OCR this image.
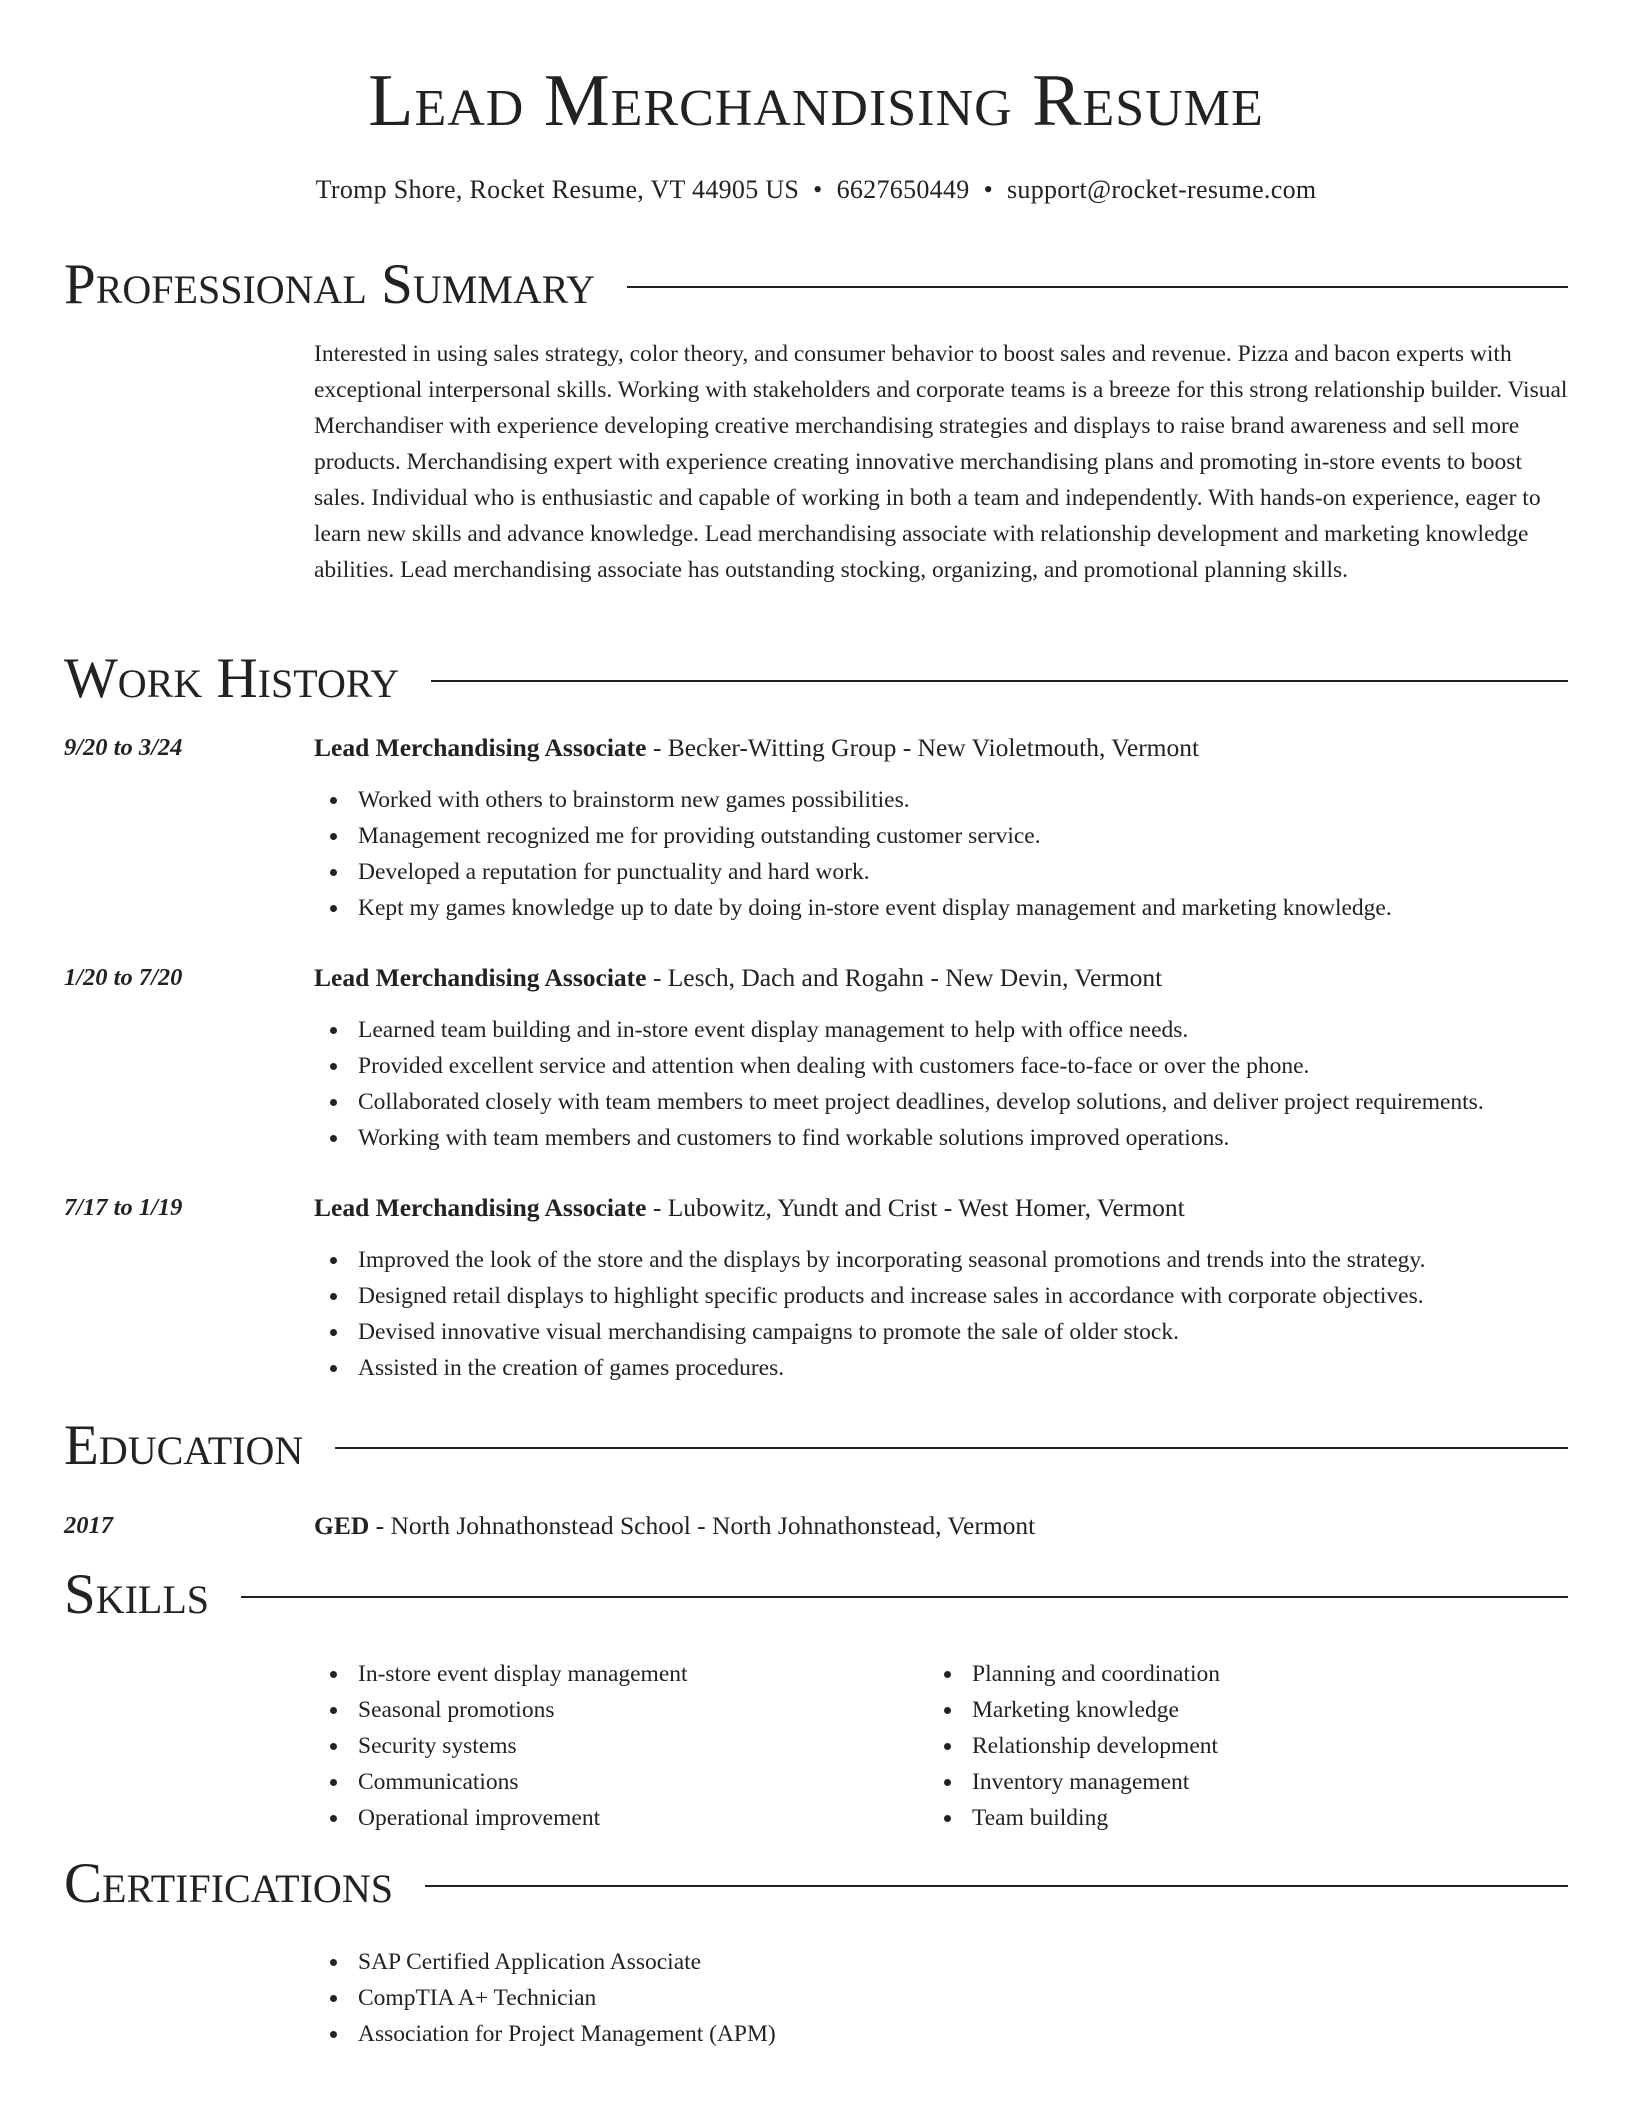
Lead Merchandising Resume
Tromp Shore, Rocket Resume, VT 44905 US • 6627650449 • support@rocket-resume.com
Professional Summary
Interested in using sales strategy, color theory, and consumer behavior to boost sales and revenue. Pizza and bacon experts with exceptional interpersonal skills. Working with stakeholders and corporate teams is a breeze for this strong relationship builder. Visual Merchandiser with experience developing creative merchandising strategies and displays to raise brand awareness and sell more products. Merchandising expert with experience creating innovative merchandising plans and promoting in-store events to boost sales. Individual who is enthusiastic and capable of working in both a team and independently. With hands-on experience, eager to learn new skills and advance knowledge. Lead merchandising associate with relationship development and marketing knowledge abilities. Lead merchandising associate has outstanding stocking, organizing, and promotional planning skills.
Work History
9/20 to 3/24	Lead Merchandising Associate - Becker-Witting Group - New Violetmouth, Vermont
Worked with others to brainstorm new games possibilities.
Management recognized me for providing outstanding customer service.
Developed a reputation for punctuality and hard work.
Kept my games knowledge up to date by doing in-store event display management and marketing knowledge.
1/20 to 7/20	Lead Merchandising Associate - Lesch, Dach and Rogahn - New Devin, Vermont
Learned team building and in-store event display management to help with office needs.
Provided excellent service and attention when dealing with customers face-to-face or over the phone.
Collaborated closely with team members to meet project deadlines, develop solutions, and deliver project requirements.
Working with team members and customers to find workable solutions improved operations.
7/17 to 1/19	Lead Merchandising Associate - Lubowitz, Yundt and Crist - West Homer, Vermont
Improved the look of the store and the displays by incorporating seasonal promotions and trends into the strategy.
Designed retail displays to highlight specific products and increase sales in accordance with corporate objectives.
Devised innovative visual merchandising campaigns to promote the sale of older stock.
Assisted in the creation of games procedures.
Education
2017	GED - North Johnathonstead School - North Johnathonstead, Vermont
Skills
In-store event display management
Seasonal promotions
Security systems
Communications
Operational improvement
Planning and coordination
Marketing knowledge
Relationship development
Inventory management
Team building
Certifications
SAP Certified Application Associate
CompTIA A+ Technician
Association for Project Management (APM)
